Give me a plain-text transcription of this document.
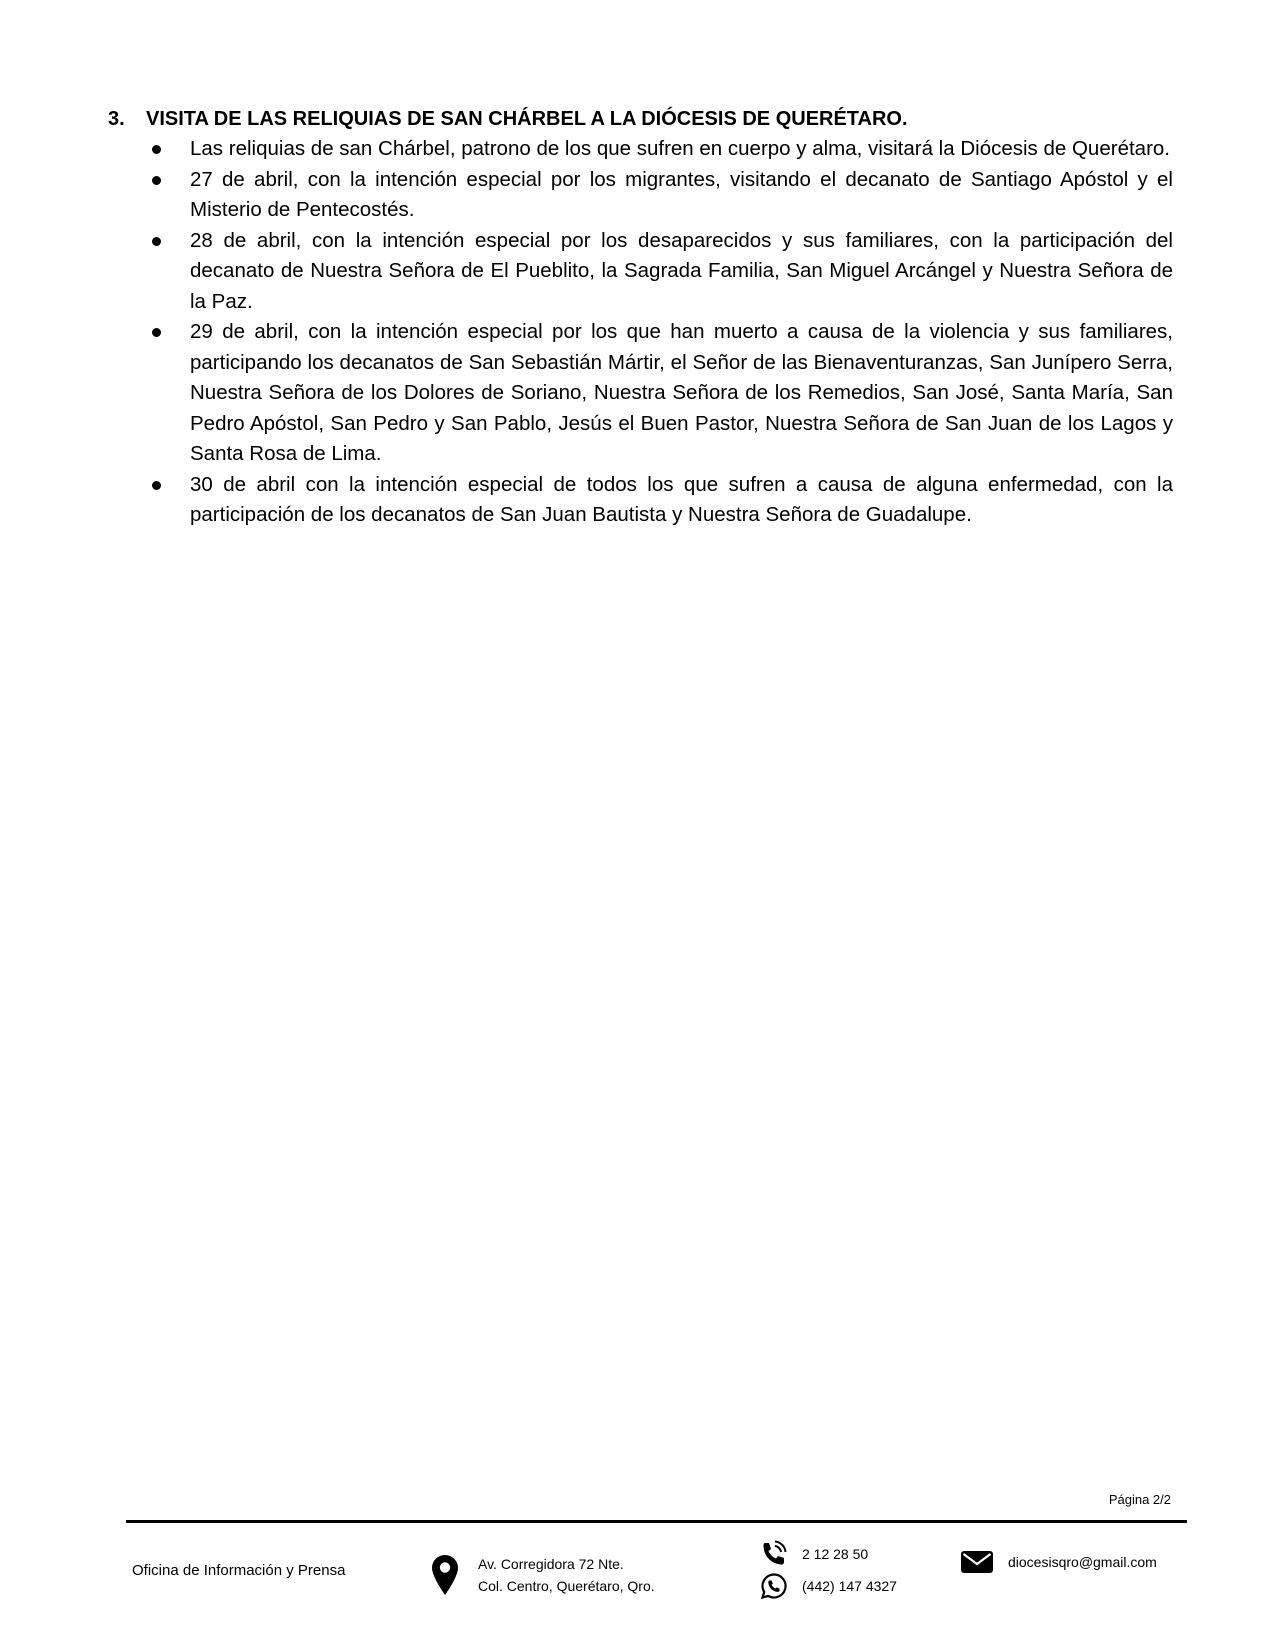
3.	VISITA DE LAS RELIQUIAS DE SAN CHÁRBEL A LA DIÓCESIS DE QUERÉTARO.
Las reliquias de san Chárbel, patrono de los que sufren en cuerpo y alma, visitará la Diócesis de Querétaro.
27 de abril, con la intención especial por los migrantes, visitando el decanato de Santiago Apóstol y el Misterio de Pentecostés.
28 de abril, con la intención especial por los desaparecidos y sus familiares, con la participación del decanato de Nuestra Señora de El Pueblito, la Sagrada Familia, San Miguel Arcángel y Nuestra Señora de la Paz.
29 de abril, con la intención especial por los que han muerto a causa de la violencia y sus familiares, participando los decanatos de San Sebastián Mártir, el Señor de las Bienaventuranzas, San Junípero Serra, Nuestra Señora de los Dolores de Soriano, Nuestra Señora de los Remedios, San José, Santa María, San Pedro Apóstol, San Pedro y San Pablo, Jesús el Buen Pastor, Nuestra Señora de San Juan de los Lagos y Santa Rosa de Lima.
30 de abril con la intención especial de todos los que sufren a causa de alguna enfermedad, con la participación de los decanatos de San Juan Bautista y Nuestra Señora de Guadalupe.
Página 2/2
Oficina de Información y Prensa	Av. Corregidora 72 Nte.
Col. Centro, Querétaro, Qro.
2 12 28 50
(442) 147 4327
diocesisqro@gmail.com
